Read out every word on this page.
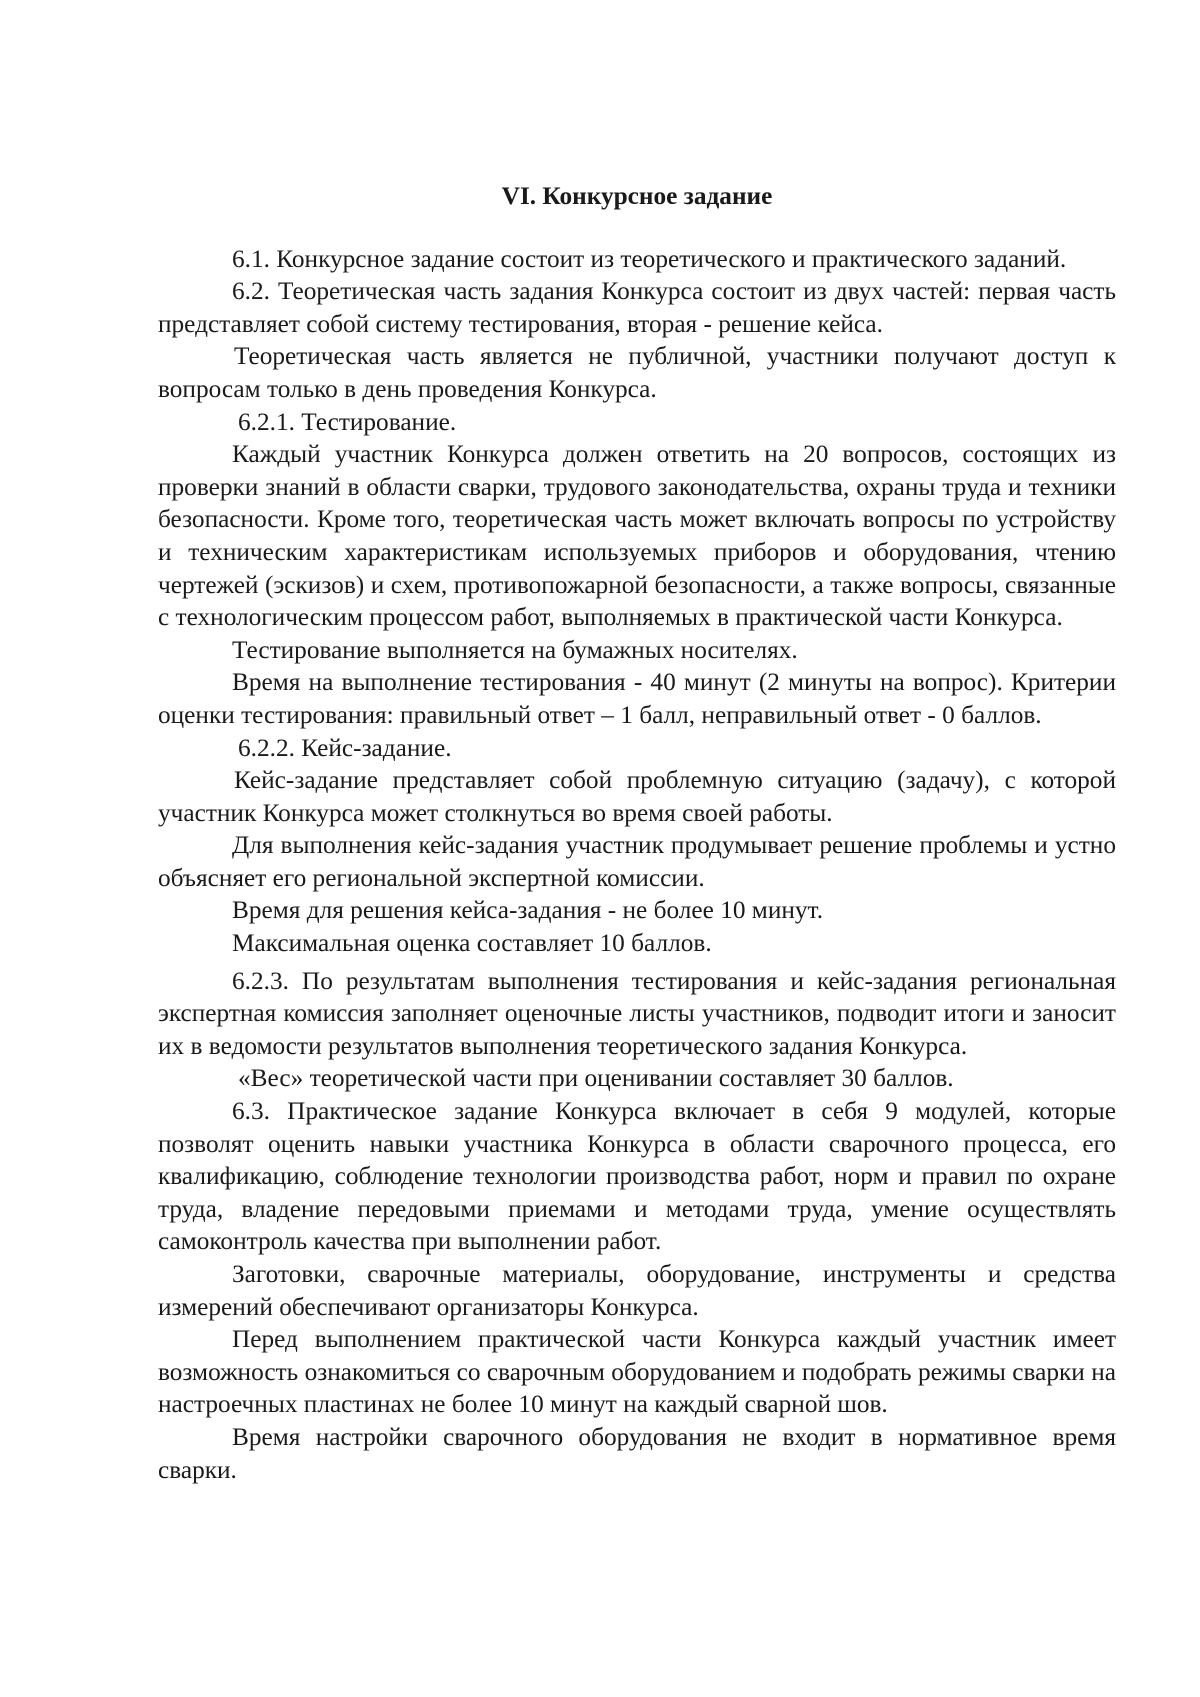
VI. Конкурсное задание

6.1. Конкурсное задание состоит из теоретического и практического заданий.

6.2. Теоретическая часть задания Конкурса состоит из двух частей: первая часть представляет собой систему тестирования, вторая - решение кейса.

Теоретическая часть является не публичной, участники получают доступ к вопросам только в день проведения Конкурса.

6.2.1. Тестирование.

Каждый участник Конкурса должен ответить на 20 вопросов, состоящих из проверки знаний в области сварки, трудового законодательства, охраны труда и техники безопасности. Кроме того, теоретическая часть может включать вопросы по устройству и техническим характеристикам используемых приборов и оборудования, чтению чертежей (эскизов) и схем, противопожарной безопасности, а также вопросы, связанные с технологическим процессом работ, выполняемых в практической части Конкурса.

Тестирование выполняется на бумажных носителях.

Время на выполнение тестирования - 40 минут (2 минуты на вопрос). Критерии оценки тестирования: правильный ответ – 1 балл, неправильный ответ - 0 баллов.

6.2.2. Кейс-задание.

Кейс-задание представляет собой проблемную ситуацию (задачу), с которой участник Конкурса может столкнуться во время своей работы.

Для выполнения кейс-задания участник продумывает решение проблемы и устно объясняет его региональной экспертной комиссии.

Время для решения кейса-задания - не более 10 минут.

Максимальная оценка составляет 10 баллов.

6.2.3. По результатам выполнения тестирования и кейс-задания региональная экспертная комиссия заполняет оценочные листы участников, подводит итоги и заносит их в ведомости результатов выполнения теоретического задания Конкурса.

«Вес» теоретической части при оценивании составляет 30 баллов.

6.3. Практическое задание Конкурса включает в себя 9 модулей, которые позволят оценить навыки участника Конкурса в области сварочного процесса, его квалификацию, соблюдение технологии производства работ, норм и правил по охране труда, владение передовыми приемами и методами труда, умение осуществлять самоконтроль качества при выполнении работ.

Заготовки, сварочные материалы, оборудование, инструменты и средства измерений обеспечивают организаторы Конкурса.

Перед выполнением практической части Конкурса каждый участник имеет возможность ознакомиться со сварочным оборудованием и подобрать режимы сварки на настроечных пластинах не более 10 минут на каждый сварной шов.

Время настройки сварочного оборудования не входит в нормативное время сварки.
